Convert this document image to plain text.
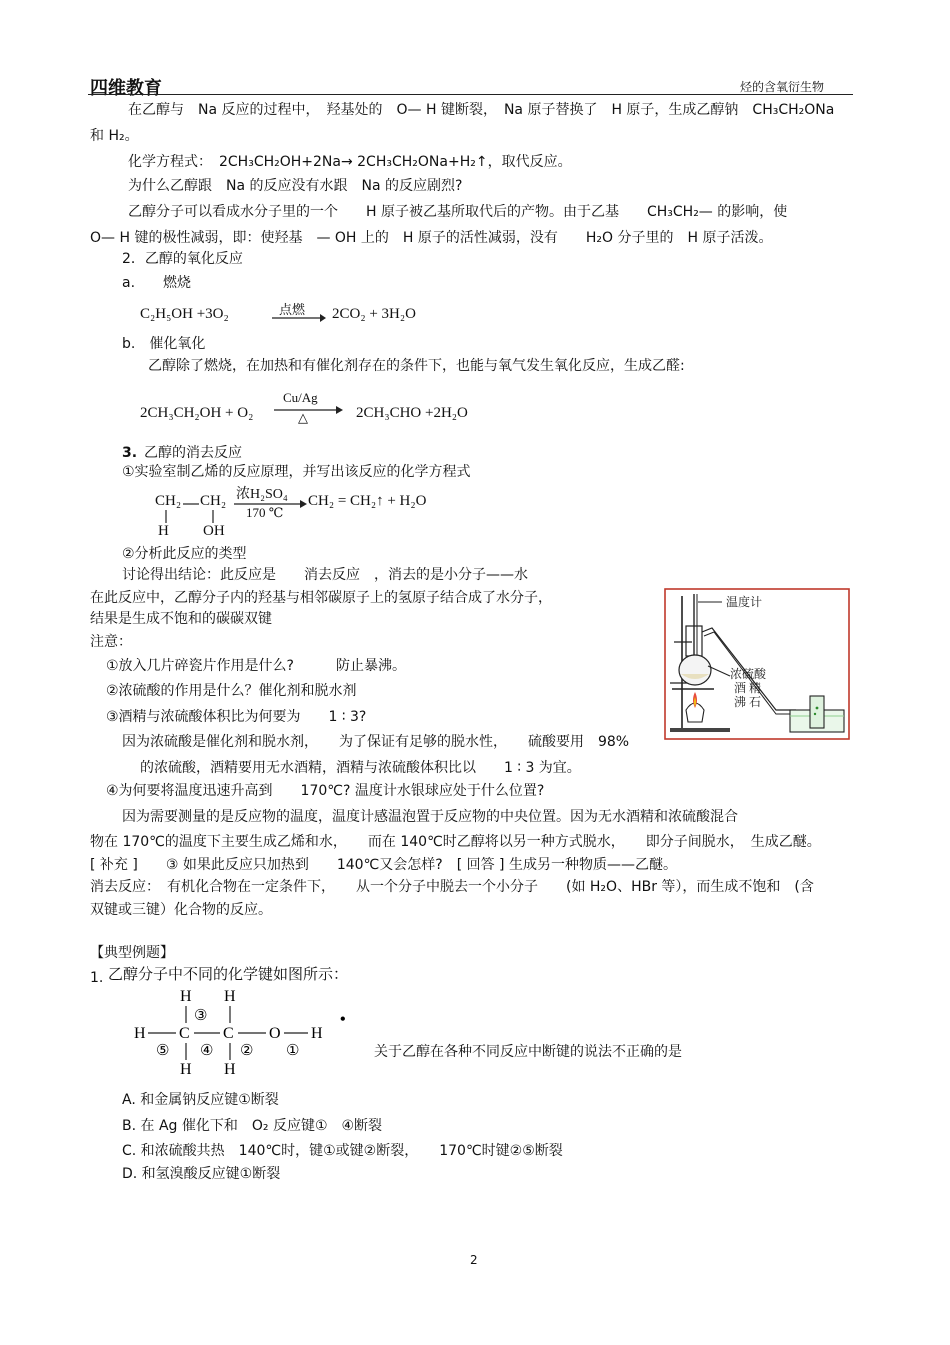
四维教育	烃的含氧衍生物
在乙醇与　Na 反应的过程中，　羟基处的　O— H 键断裂，　Na 原子替换了　H 原子，生成乙醇钠　CH₃CH₂ONa
和 H₂。
化学方程式：　2CH₃CH₂OH+2Na→ 2CH₃CH₂ONa+H₂↑，取代反应。
为什么乙醇跟　Na 的反应没有水跟　Na 的反应剧烈?
乙醇分子可以看成水分子里的一个　　H 原子被乙基所取代后的产物。由于乙基　　CH₃CH₂— 的影响，使
O— H 键的极性减弱，即：使羟基　— OH 上的　H 原子的活性减弱，没有　　H₂O 分子里的　H 原子活泼。
2．乙醇的氧化反应
a.　　燃烧
C₂H₅OH +3O₂	点燃 → 2CO₂ + 3H₂O
b.　催化氧化
乙醇除了燃烧，在加热和有催化剂存在的条件下，也能与氧气发生氧化反应，生成乙醛:
2CH₃CH₂OH + O₂
Cu/Ag
△	2CH₃CHO +2H₂O
3. 乙醇的消去反应
①实验室制乙烯的反应原理，并写出该反应的化学方程式
CH₂ CH₂
H OH
浓H₂SO₄
170 ℃
CH₂ = CH₂↑ + H₂O
②分析此反应的类型
讨论得出结论：此反应是　　消去反应　，消去的是小分子——水
在此反应中，乙醇分子内的羟基与相邻碳原子上的氢原子结合成了水分子，
结果是生成不饱和的碳碳双键
注意：
①放入几片碎瓷片作用是什么?　　　防止暴沸。
②浓硫酸的作用是什么？催化剂和脱水剂
③酒精与浓硫酸体积比为何要为　　1 ∶ 3?
因为浓硫酸是催化剂和脱水剂，　　为了保证有足够的脱水性，　　硫酸要用　98%
的浓硫酸，酒精要用无水酒精，酒精与浓硫酸体积比以　　1 ∶ 3 为宜。
④为何要将温度迅速升高到　　170℃? 温度计水银球应处于什么位置?
因为需要测量的是反应物的温度，温度计感温泡置于反应物的中央位置。因为无水酒精和浓硫酸混合
物在 170℃的温度下主要生成乙烯和水，　　而在 140℃时乙醇将以另一种方式脱水，　　即分子间脱水，　生成乙醚。
[ 补充 ]　　③ 如果此反应只加热到　　140℃又会怎样?　[ 回答 ] 生成另一种物质——乙醚。
消去反应：　有机化合物在一定条件下，　　从一个分子中脱去一个小分子　　(如 H₂O、HBr 等），而生成不饱和　(含
双键或三键）化合物的反应。
温度计
浓硫酸
酒 精
沸 石
【典型例题】
1. 乙醇分子中不同的化学键如图所示：
H H
③
H C C O H
⑤ ④ ② ①
H H
•
关于乙醇在各种不同反应中断键的说法不正确的是
A. 和金属钠反应键①断裂
B. 在 Ag 催化下和　O₂ 反应键①　④断裂
C. 和浓硫酸共热　140℃时，键①或键②断裂，　　170℃时键②⑤断裂
D. 和氢溴酸反应键①断裂
2
